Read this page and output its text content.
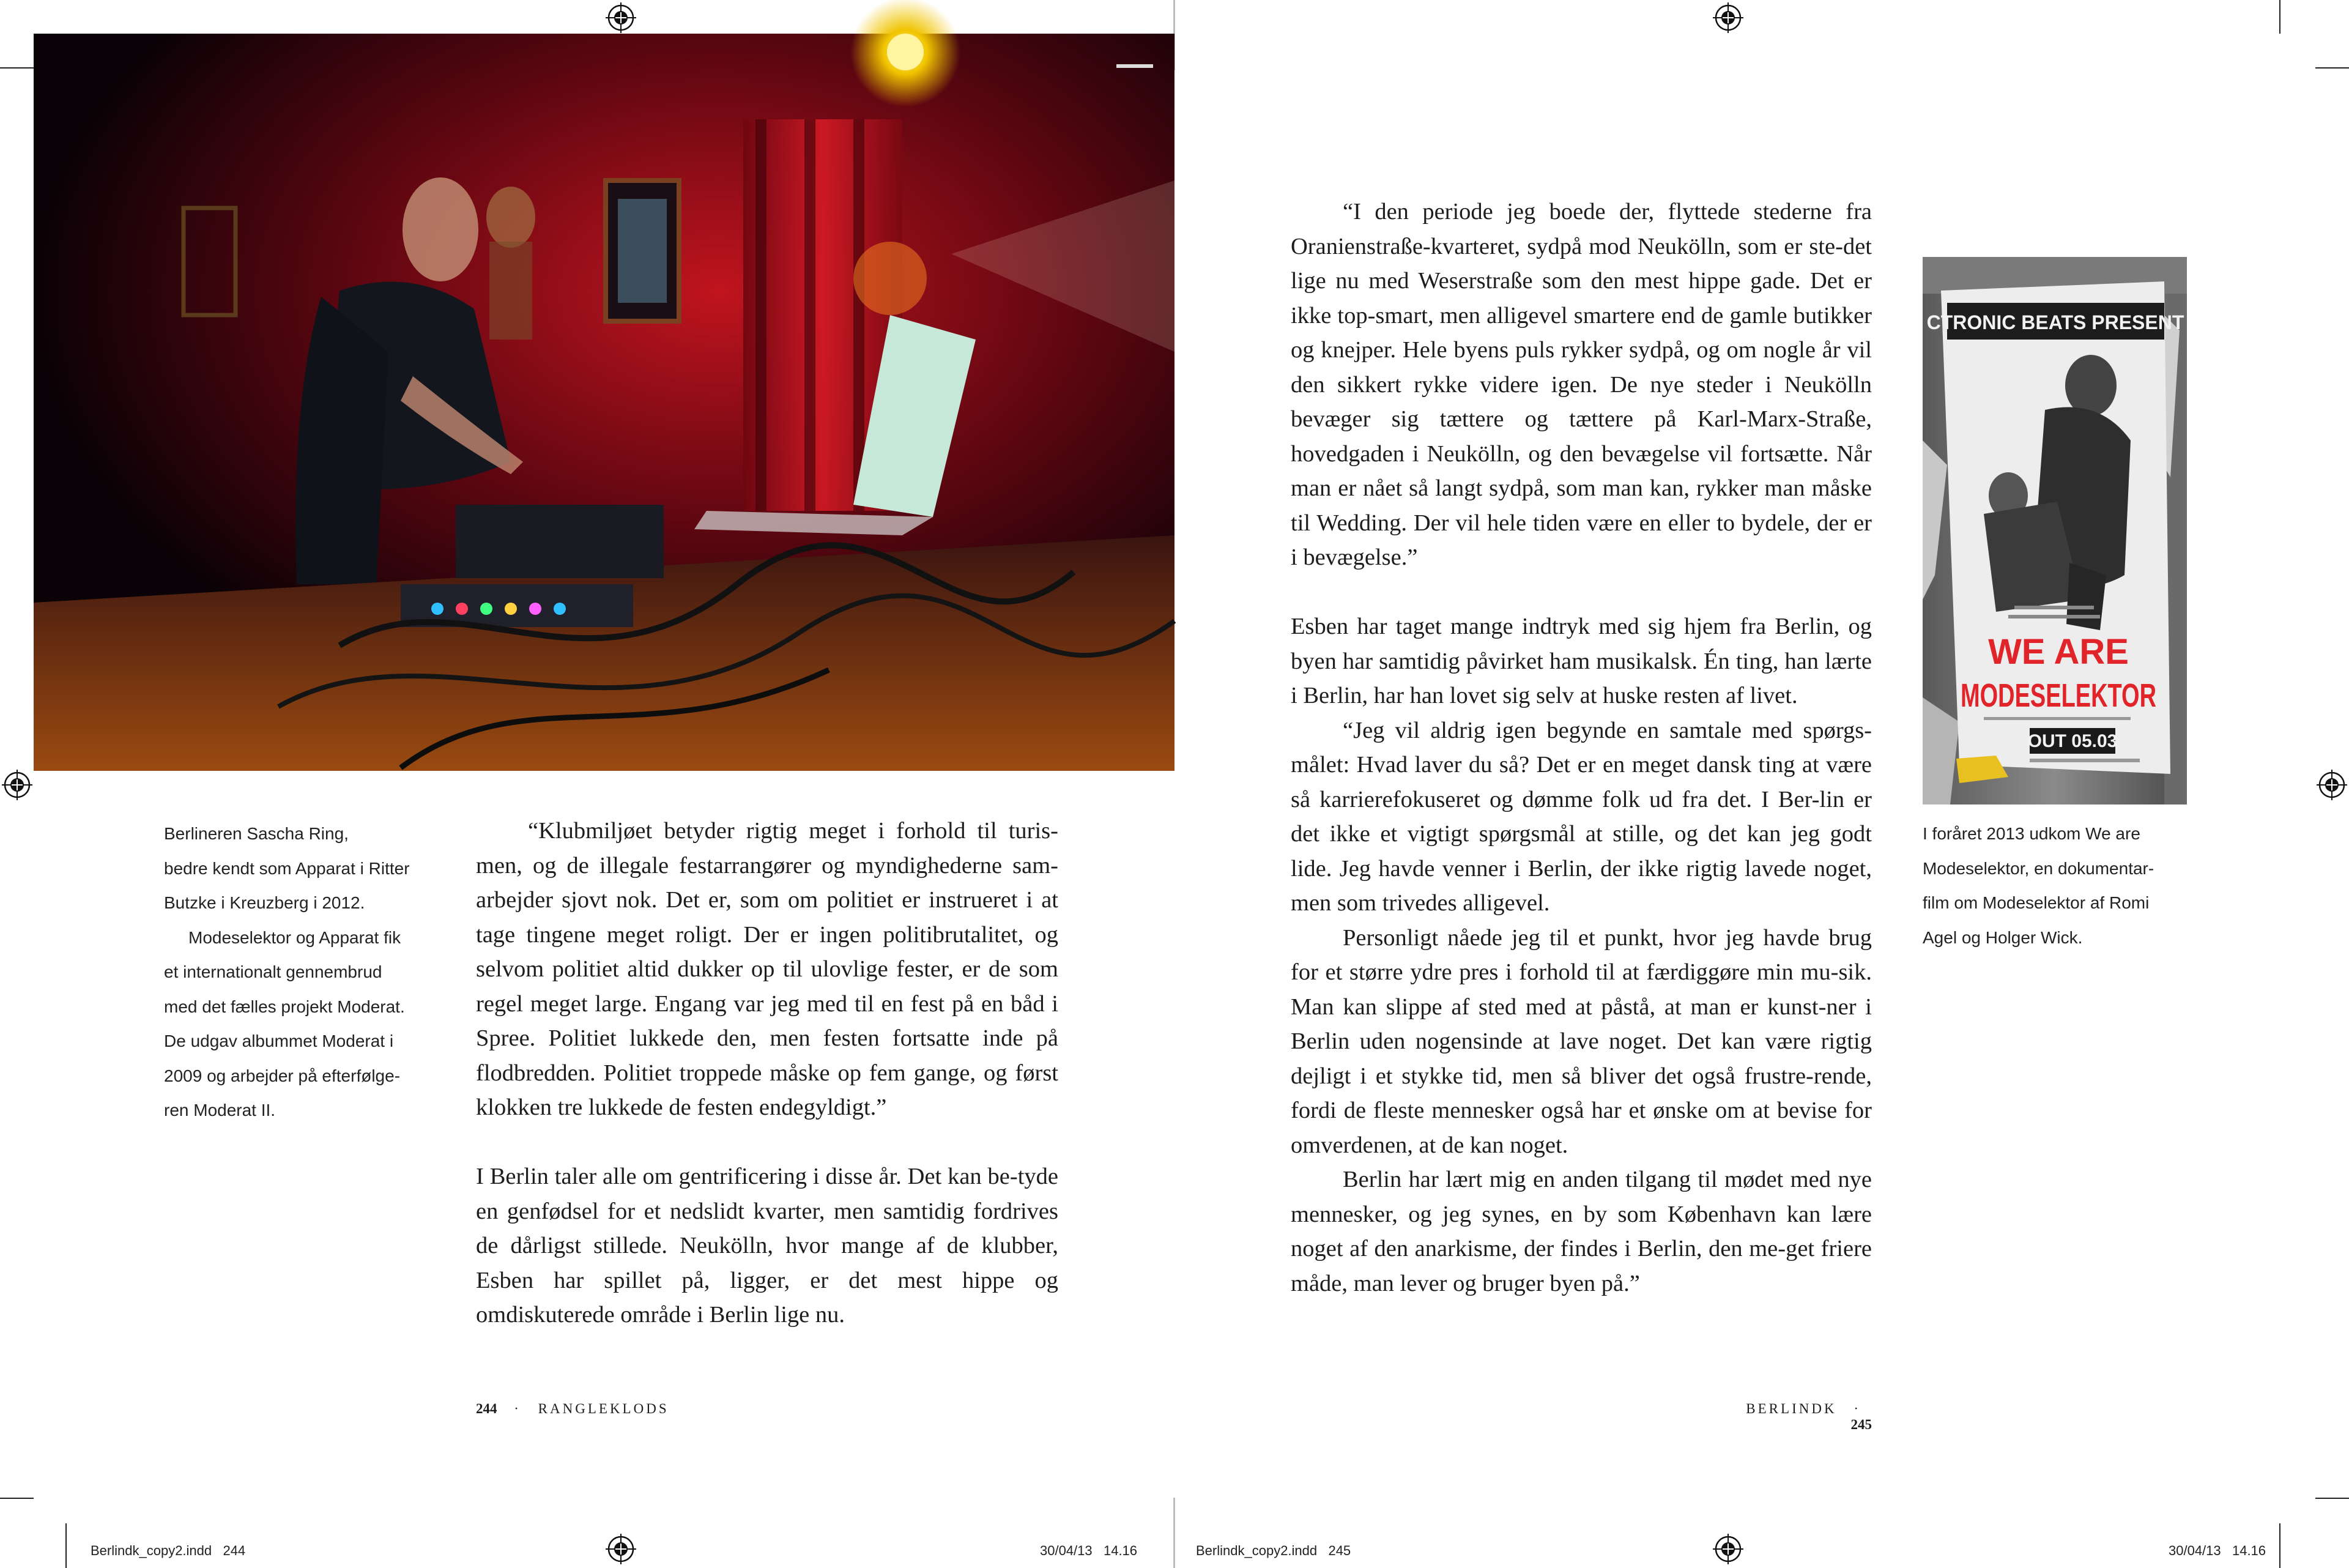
Berlineren Sascha Ring,

bedre kendt som Apparat i Ritter

Butzke i Kreuzberg i 2012.

Modeselektor og Apparat fik

et internationalt gennembrud

med det fælles projekt Moderat.

De udgav albummet Moderat i

2009 og arbejder på efterfølge-

ren Moderat II.

“Klubmiljøet betyder rigtig meget i forhold til turis-men, og de illegale festarrangører og myndighederne sam-arbejder sjovt nok. Det er, som om politiet er instrueret i at tage tingene meget roligt. Der er ingen politibrutalitet, og selvom politiet altid dukker op til ulovlige fester, er de som regel meget large. Engang var jeg med til en fest på en båd i Spree. Politiet lukkede den, men festen fortsatte inde på flodbredden. Politiet troppede måske op fem gange, og først klokken tre lukkede de festen endegyldigt.”

I Berlin taler alle om gentrificering i disse år. Det kan be-tyde en genfødsel for et nedslidt kvarter, men samtidig fordrives de dårligst stillede. Neukölln, hvor mange af de klubber, Esben har spillet på, ligger, er det mest hippe og omdiskuterede område i Berlin lige nu.

244 · RANGLEKLODS

“I den periode jeg boede der, flyttede stederne fra Oranienstraße-kvarteret, sydpå mod Neukölln, som er ste-det lige nu med Weserstraße som den mest hippe gade. Det er ikke top-smart, men alligevel smartere end de gamle butikker og knejper. Hele byens puls rykker sydpå, og om nogle år vil den sikkert rykke videre igen. De nye steder i Neukölln bevæger sig tættere og tættere på Karl-Marx-Straße, hovedgaden i Neukölln, og den bevægelse vil fortsætte. Når man er nået så langt sydpå, som man kan, rykker man måske til Wedding. Der vil hele tiden være en eller to bydele, der er i bevægelse.”

Esben har taget mange indtryk med sig hjem fra Berlin, og byen har samtidig påvirket ham musikalsk. Én ting, han lærte i Berlin, har han lovet sig selv at huske resten af livet.

“Jeg vil aldrig igen begynde en samtale med spørgs-målet: Hvad laver du så? Det er en meget dansk ting at være så karrierefokuseret og dømme folk ud fra det. I Ber-lin er det ikke et vigtigt spørgsmål at stille, og det kan jeg godt lide. Jeg havde venner i Berlin, der ikke rigtig lavede noget, men som trivedes alligevel.

Personligt nåede jeg til et punkt, hvor jeg havde brug for et større ydre pres i forhold til at færdiggøre min mu-sik. Man kan slippe af sted med at påstå, at man er kunst-ner i Berlin uden nogensinde at lave noget. Det kan være rigtig dejligt i et stykke tid, men så bliver det også frustre-rende, fordi de fleste mennesker også har et ønske om at bevise for omverdenen, at de kan noget.

Berlin har lært mig en anden tilgang til mødet med nye mennesker, og jeg synes, en by som København kan lære noget af den anarkisme, der findes i Berlin, den me-get friere måde, man lever og bruger byen på.”

CTRONIC BEATS PRESENT
WE ARE
MODESELEKTOR
OUT 05.03

I foråret 2013 udkom We are

Modeselektor, en dokumentar-

film om Modeselektor af Romi

Agel og Holger Wick.

BERLINDK · 245
Berlindk_copy2.indd   244	30/04/13   14.16	Berlindk_copy2.indd   245	30/04/13   14.16
